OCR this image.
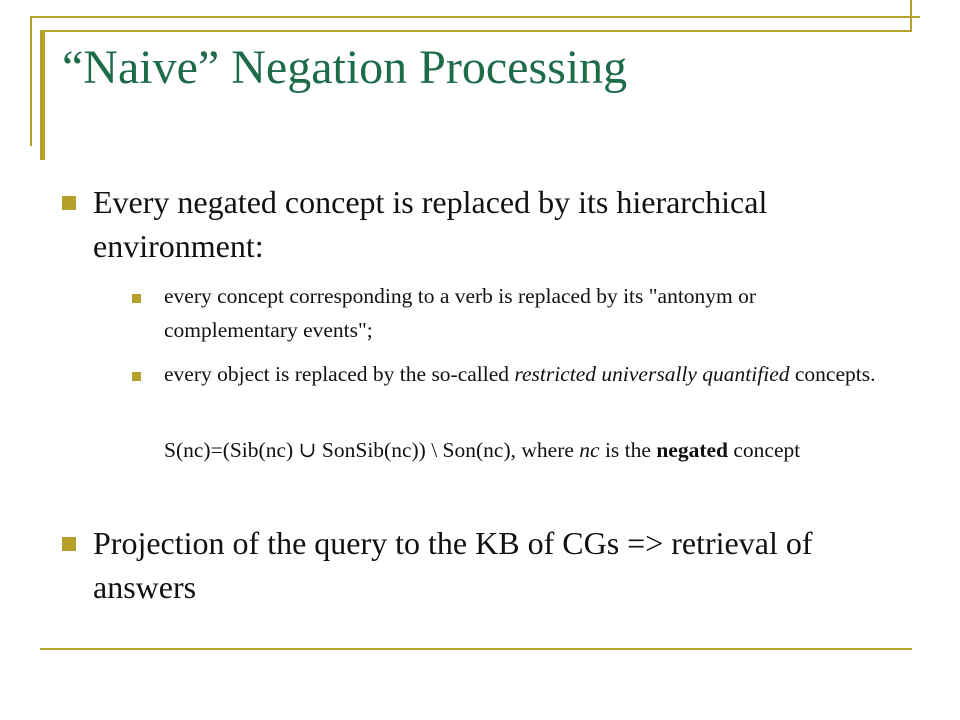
“Naive” Negation Processing
Every negated concept is replaced by its hierarchical environment:
every concept corresponding to a verb is replaced by its "antonym or complementary events";
every object is replaced by the so-called restricted universally quantified concepts.
S(nc)=(Sib(nc) ∪ SonSib(nc)) \ Son(nc), where nc is the negated concept
Projection of the query to the KB of CGs => retrieval of answers
